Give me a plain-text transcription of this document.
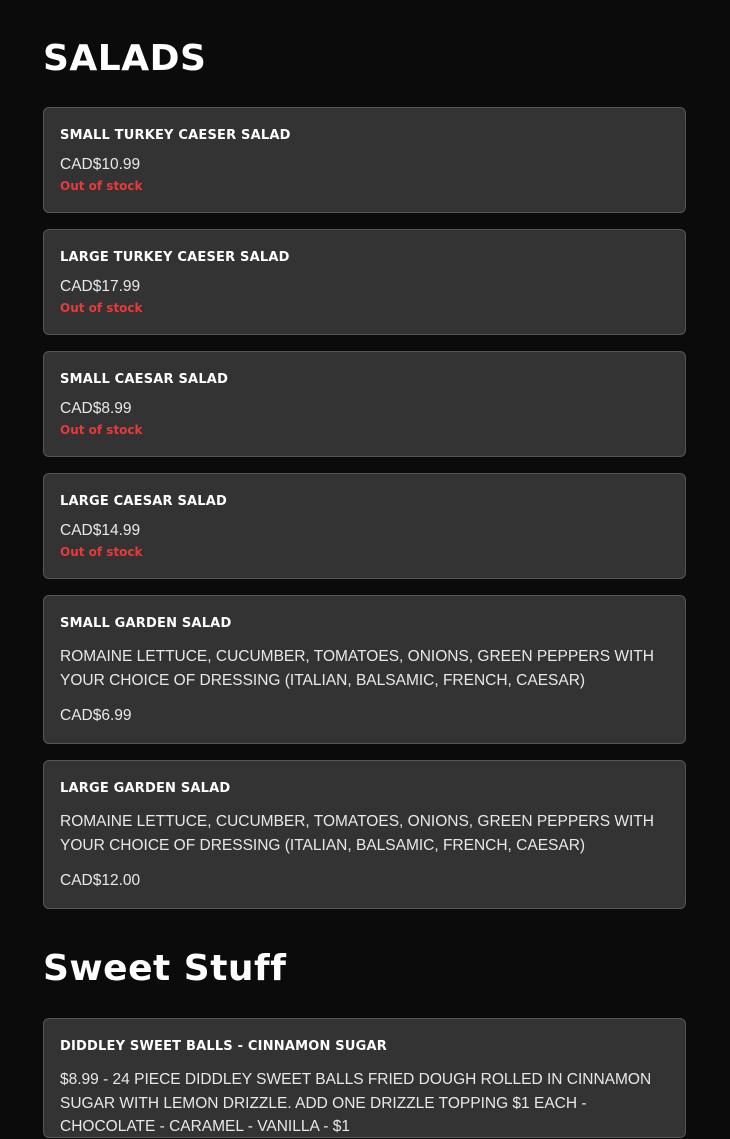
SALADS
SMALL TURKEY CAESER SALAD
CAD$10.99
Out of stock
LARGE TURKEY CAESER SALAD
CAD$17.99
Out of stock
SMALL CAESAR SALAD
CAD$8.99
Out of stock
LARGE CAESAR SALAD
CAD$14.99
Out of stock
SMALL GARDEN SALAD
ROMAINE LETTUCE, CUCUMBER, TOMATOES, ONIONS, GREEN PEPPERS WITH YOUR CHOICE OF DRESSING (ITALIAN, BALSAMIC, FRENCH, CAESAR)
CAD$6.99
LARGE GARDEN SALAD
ROMAINE LETTUCE, CUCUMBER, TOMATOES, ONIONS, GREEN PEPPERS WITH YOUR CHOICE OF DRESSING (ITALIAN, BALSAMIC, FRENCH, CAESAR)
CAD$12.00
Sweet Stuff
DIDDLEY SWEET BALLS - CINNAMON SUGAR
$8.99 - 24 PIECE DIDDLEY SWEET BALLS FRIED DOUGH ROLLED IN CINNAMON SUGAR WITH LEMON DRIZZLE. ADD ONE DRIZZLE TOPPING $1 EACH - CHOCOLATE - CARAMEL - VANILLA - $1
